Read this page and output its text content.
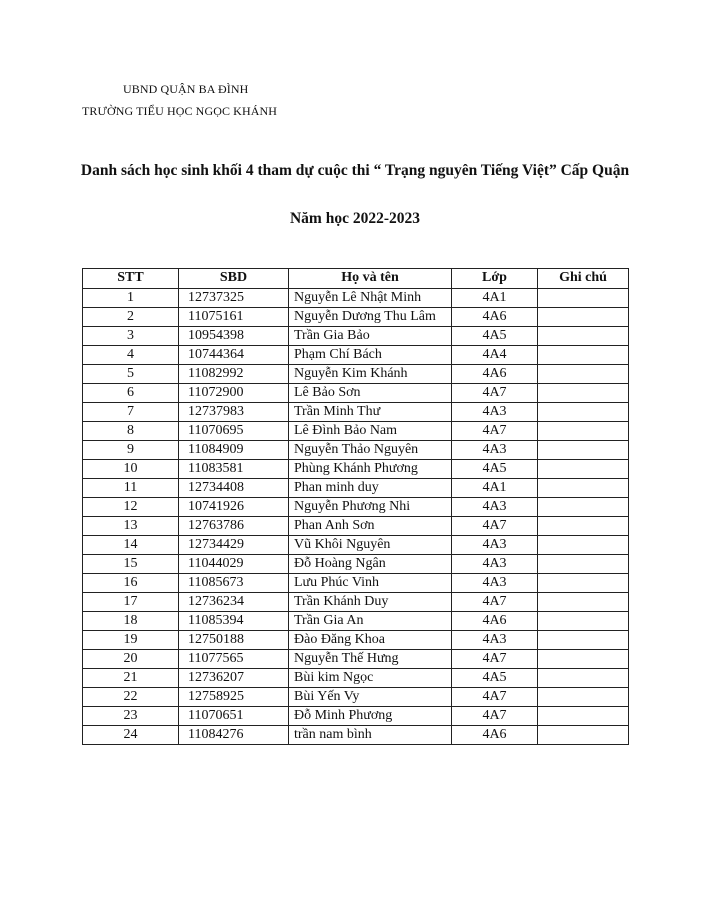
UBND QUẬN BA ĐÌNH
TRƯỜNG TIỂU HỌC NGỌC KHÁNH
Danh sách học sinh khối 4 tham dự cuộc thi “ Trạng nguyên Tiếng Việt” Cấp Quận
Năm học 2022-2023
STT	SBD	Họ và tên	Lớp	Ghi chú
1	12737325	Nguyễn Lê Nhật Minh	4A1	
2	11075161	Nguyễn Dương Thu Lâm	4A6	
3	10954398	Trần Gia Bảo	4A5	
4	10744364	Phạm Chí Bách	4A4	
5	11082992	Nguyễn Kim Khánh	4A6	
6	11072900	Lê Bảo Sơn	4A7	
7	12737983	Trần Minh Thư	4A3	
8	11070695	Lê Đình Bảo Nam	4A7	
9	11084909	Nguyễn Thảo Nguyên	4A3	
10	11083581	Phùng Khánh Phương	4A5	
11	12734408	Phan minh duy	4A1	
12	10741926	Nguyễn Phương Nhi	4A3	
13	12763786	Phan Anh Sơn	4A7	
14	12734429	Vũ Khôi Nguyên	4A3	
15	11044029	Đỗ Hoàng Ngân	4A3	
16	11085673	Lưu Phúc Vinh	4A3	
17	12736234	Trần Khánh Duy	4A7	
18	11085394	Trần Gia An	4A6	
19	12750188	Đào Đăng Khoa	4A3	
20	11077565	Nguyễn Thế Hưng	4A7	
21	12736207	Bùi kim Ngọc	4A5	
22	12758925	Bùi Yến Vy	4A7	
23	11070651	Đỗ Minh Phương	4A7	
24	11084276	trần nam bình	4A6	
